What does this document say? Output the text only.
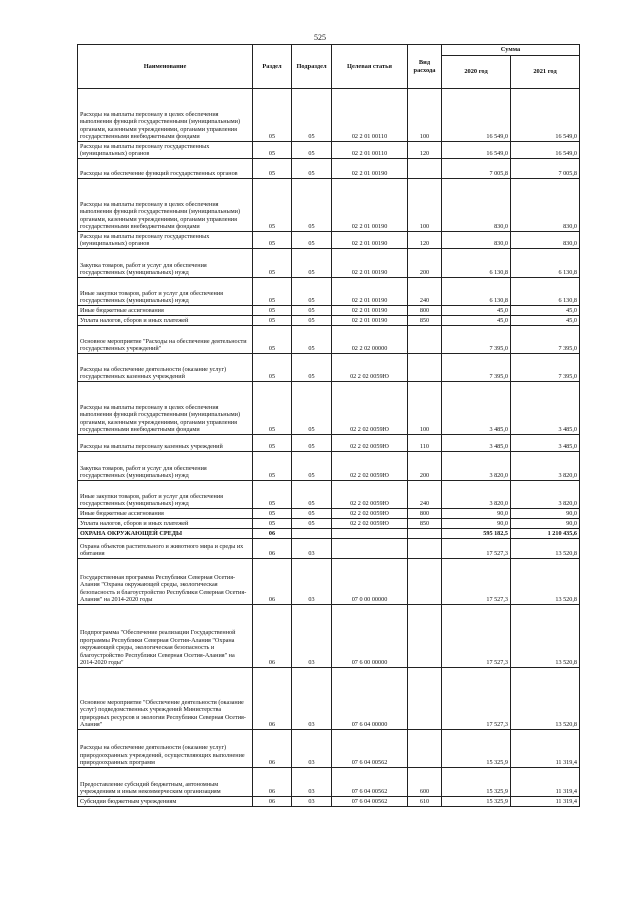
525
Наименование	Раздел	Подраздел	Целевая статья	Вид расхода	Сумма	
					2020 год	2021 год
Расходы на выплаты персоналу в целях обеспечения выполнения функций государственными (муниципальными) органами, казенными учреждениями, органами управления государственными внебюджетными фондами	05	05	02 2 01 00110	100	16 549,0	16 549,0
Расходы на выплаты персоналу государственных (муниципальных) органов	05	05	02 2 01 00110	120	16 549,0	16 549,0
Расходы на обеспечение функций государственных органов	05	05	02 2 01 00190		7 005,8	7 005,8
Расходы на выплаты персоналу в целях обеспечения выполнения функций государственными (муниципальными) органами, казенными учреждениями, органами управления государственными внебюджетными фондами	05	05	02 2 01 00190	100	830,0	830,0
Расходы на выплаты персоналу государственных (муниципальных) органов	05	05	02 2 01 00190	120	830,0	830,0
Закупка товаров, работ и услуг для обеспечения государственных (муниципальных) нужд	05	05	02 2 01 00190	200	6 130,8	6 130,8
Иные закупки товаров, работ и услуг для обеспечения государственных (муниципальных) нужд	05	05	02 2 01 00190	240	6 130,8	6 130,8
Иные бюджетные ассигнования	05	05	02 2 01 00190	800	45,0	45,0
Уплата налогов, сборов и иных платежей	05	05	02 2 01 00190	850	45,0	45,0
Основное мероприятие "Расходы на обеспечение деятельности государственных учреждений"	05	05	02 2 02 00000		7 395,0	7 395,0
Расходы на обеспечение деятельности (оказание услуг) государственных казенных учреждений	05	05	02 2 02 0059Ю		7 395,0	7 395,0
Расходы на выплаты персоналу в целях обеспечения выполнения функций государственными (муниципальными) органами, казенными учреждениями, органами управления государственными внебюджетными фондами	05	05	02 2 02 0059Ю	100	3 485,0	3 485,0
Расходы на выплаты персоналу казенных учреждений	05	05	02 2 02 0059Ю	110	3 485,0	3 485,0
Закупка товаров, работ и услуг для обеспечения государственных (муниципальных) нужд	05	05	02 2 02 0059Ю	200	3 820,0	3 820,0
Иные закупки товаров, работ и услуг для обеспечения государственных (муниципальных) нужд	05	05	02 2 02 0059Ю	240	3 820,0	3 820,0
Иные бюджетные ассигнования	05	05	02 2 02 0059Ю	800	90,0	90,0
Уплата налогов, сборов и иных платежей	05	05	02 2 02 0059Ю	850	90,0	90,0
ОХРАНА ОКРУЖАЮЩЕЙ СРЕДЫ	06				595 182,5	1 210 435,6
Охрана объектов растительного и животного мира и среды их обитания	06	03			17 527,3	13 520,8
Государственная программа Республики Северная Осетия-Алания "Охрана окружающей среды, экологическая безопасность и благоустройство Республики Северная Осетия-Алания" на 2014-2020 годы	06	03	07 0 00 00000		17 527,3	13 520,8
Подпрограмма "Обеспечение реализации Государственной программы Республики Северная Осетия-Алания "Охрана окружающей среды, экологическая безопасность и благоустройство Республики Северная Осетия-Алания" на 2014-2020 годы"	06	03	07 6 00 00000		17 527,3	13 520,8
Основное мероприятие "Обеспечение деятельности (оказание услуг) подведомственных учреждений Министерства природных ресурсов и экологии Республики Северная Осетия-Алания"	06	03	07 6 04 00000		17 527,3	13 520,8
Расходы на обеспечение деятельности (оказание услуг) природоохранных учреждений, осуществляющих выполнение природоохранных программ	06	03	07 6 04 00562		15 325,9	11 319,4
Предоставление субсидий бюджетным, автономным учреждениям и иным некоммерческим организациям	06	03	07 6 04 00562	600	15 325,9	11 319,4
Субсидии бюджетным учреждениям	06	03	07 6 04 00562	610	15 325,9	11 319,4
